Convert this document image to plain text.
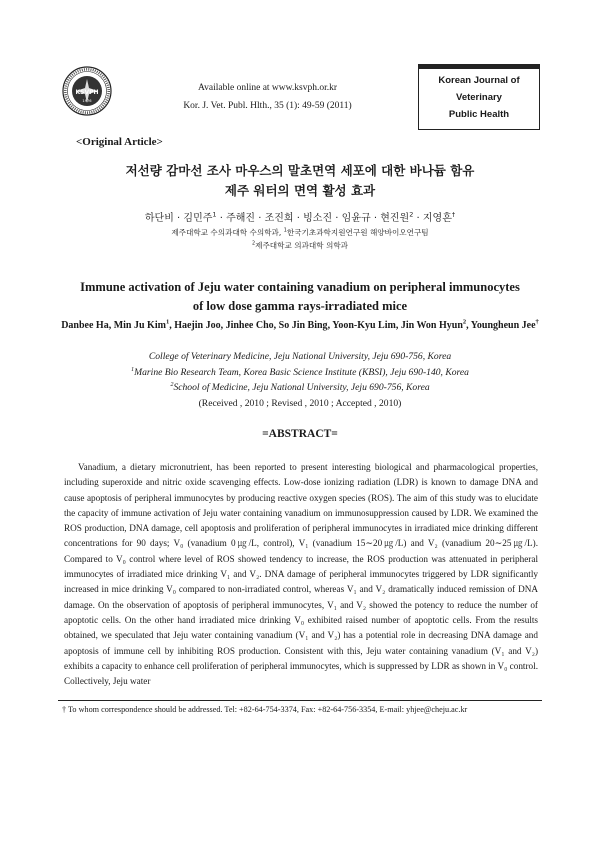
KSVPH
1976
Available online at www.ksvph.or.kr
Kor. J. Vet. Publ. Hlth., 35 (1): 49-59 (2011)
Korean Journal of
Veterinary
Public Health
<Original Article>
저선량 감마선 조사 마우스의 말초면역 세포에 대한 바나듐 함유
제주 워터의 면역 활성 효과
하단비 · 김민주$^1$ · 주해진 · 조진희 · 빙소진 · 임윤규 · 현진원$^2$ · 지영흔†
제주대학교 수의과대학 수의학과, $^1$한국기초과학지원연구원 해양바이오연구팀
$^2$제주대학교 의과대학 의학과
Immune activation of Jeju water containing vanadium on peripheral immunocytes
of low dose gamma rays-irradiated mice
Danbee Ha, Min Ju Kim$^1$, Haejin Joo, Jinhee Cho, So Jin Bing, Yoon-Kyu Lim, Jin Won Hyun$^2$, Youngheun Jee†
College of Veterinary Medicine, Jeju National University, Jeju 690-756, Korea
$^1$Marine Bio Research Team, Korea Basic Science Institute (KBSI), Jeju 690-140, Korea
$^2$School of Medicine, Jeju National University, Jeju 690-756, Korea
(Received , 2010 ; Revised , 2010 ; Accepted , 2010)
=ABSTRACT=

Vanadium, a dietary micronutrient, has been reported to present interesting biological and pharmacological properties, including superoxide and nitric oxide scavenging effects. Low-dose ionizing radiation (LDR) is known to damage DNA and cause apoptosis of peripheral immunocytes by producing reactive oxygen species (ROS). The aim of this study was to elucidate the capacity of immune activation of Jeju water containing vanadium on immunosuppression caused by LDR. We examined the ROS production, DNA damage, cell apoptosis and proliferation of peripheral immunocytes in irradiated mice drinking different concentrations for 90 days; V₀ (vanadium 0㎍/L, control), V₁ (vanadium 15∼20㎍/L) and V₂ (vanadium 20∼25㎍/L). Compared to V₀ control where level of ROS showed tendency to increase, the ROS production was attenuated in peripheral immunocytes of irradiated mice drinking V₁ and V₂. DNA damage of peripheral immunocytes triggered by LDR significantly increased in mice drinking V₀ compared to non-irradiated control, whereas V₁ and V₂ dramatically induced remission of DNA damage. On the observation of apoptosis of peripheral immunocytes, V₁ and V₂ showed the potency to reduce the number of apoptotic cells. On the other hand irradiated mice drinking V₀ exhibited raised number of apoptotic cells. From the results obtained, we speculated that Jeju water containing vanadium (V₁ and V₂) has a potential role in decreasing DNA damage and apoptosis of immune cell by inhibiting ROS production. Consistent with this, Jeju water containing vanadium (V₁ and V₂) exhibits a capacity to enhance cell proliferation of peripheral immunocytes, which is suppressed by LDR as shown in V₀ control. Collectively, Jeju water

† To whom correspondence should be addressed. Tel: +82-64-754-3374, Fax: +82-64-756-3354, E-mail: yhjee@cheju.ac.kr
